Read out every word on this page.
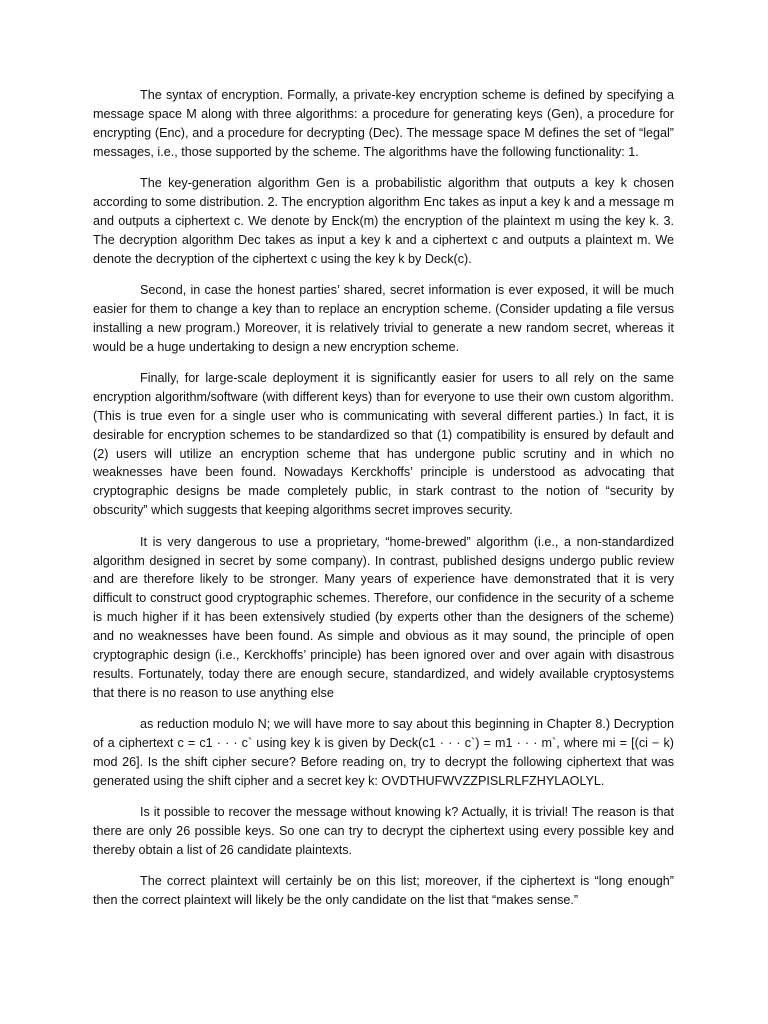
The syntax of encryption. Formally, a private-key encryption scheme is defined by specifying a message space M along with three algorithms: a procedure for generating keys (Gen), a procedure for encrypting (Enc), and a procedure for decrypting (Dec). The message space M defines the set of “legal” messages, i.e., those supported by the scheme. The algorithms have the following functionality: 1.

The key-generation algorithm Gen is a probabilistic algorithm that outputs a key k chosen according to some distribution. 2. The encryption algorithm Enc takes as input a key k and a message m and outputs a ciphertext c. We denote by Enck(m) the encryption of the plaintext m using the key k. 3. The decryption algorithm Dec takes as input a key k and a ciphertext c and outputs a plaintext m. We denote the decryption of the ciphertext c using the key k by Deck(c).

Second, in case the honest parties’ shared, secret information is ever exposed, it will be much easier for them to change a key than to replace an encryption scheme. (Consider updating a file versus installing a new program.) Moreover, it is relatively trivial to generate a new random secret, whereas it would be a huge undertaking to design a new encryption scheme.

Finally, for large-scale deployment it is significantly easier for users to all rely on the same encryption algorithm/software (with different keys) than for everyone to use their own custom algorithm. (This is true even for a single user who is communicating with several different parties.) In fact, it is desirable for encryption schemes to be standardized so that (1) compatibility is ensured by default and (2) users will utilize an encryption scheme that has undergone public scrutiny and in which no weaknesses have been found. Nowadays Kerckhoffs’ principle is understood as advocating that cryptographic designs be made completely public, in stark contrast to the notion of “security by obscurity” which suggests that keeping algorithms secret improves security.

It is very dangerous to use a proprietary, “home-brewed” algorithm (i.e., a non-standardized algorithm designed in secret by some company). In contrast, published designs undergo public review and are therefore likely to be stronger. Many years of experience have demonstrated that it is very difficult to construct good cryptographic schemes. Therefore, our confidence in the security of a scheme is much higher if it has been extensively studied (by experts other than the designers of the scheme) and no weaknesses have been found. As simple and obvious as it may sound, the principle of open cryptographic design (i.e., Kerckhoffs’ principle) has been ignored over and over again with disastrous results. Fortunately, today there are enough secure, standardized, and widely available cryptosystems that there is no reason to use anything else

as reduction modulo N; we will have more to say about this beginning in Chapter 8.) Decryption of a ciphertext c = c1 · · · c` using key k is given by Deck(c1 · · · c`) = m1 · · · m`, where mi = [(ci − k) mod 26]. Is the shift cipher secure? Before reading on, try to decrypt the following ciphertext that was generated using the shift cipher and a secret key k: OVDTHUFWVZZPISLRLFZHYLAOLYL.

Is it possible to recover the message without knowing k? Actually, it is trivial! The reason is that there are only 26 possible keys. So one can try to decrypt the ciphertext using every possible key and thereby obtain a list of 26 candidate plaintexts.

The correct plaintext will certainly be on this list; moreover, if the ciphertext is “long enough” then the correct plaintext will likely be the only candidate on the list that “makes sense.”
